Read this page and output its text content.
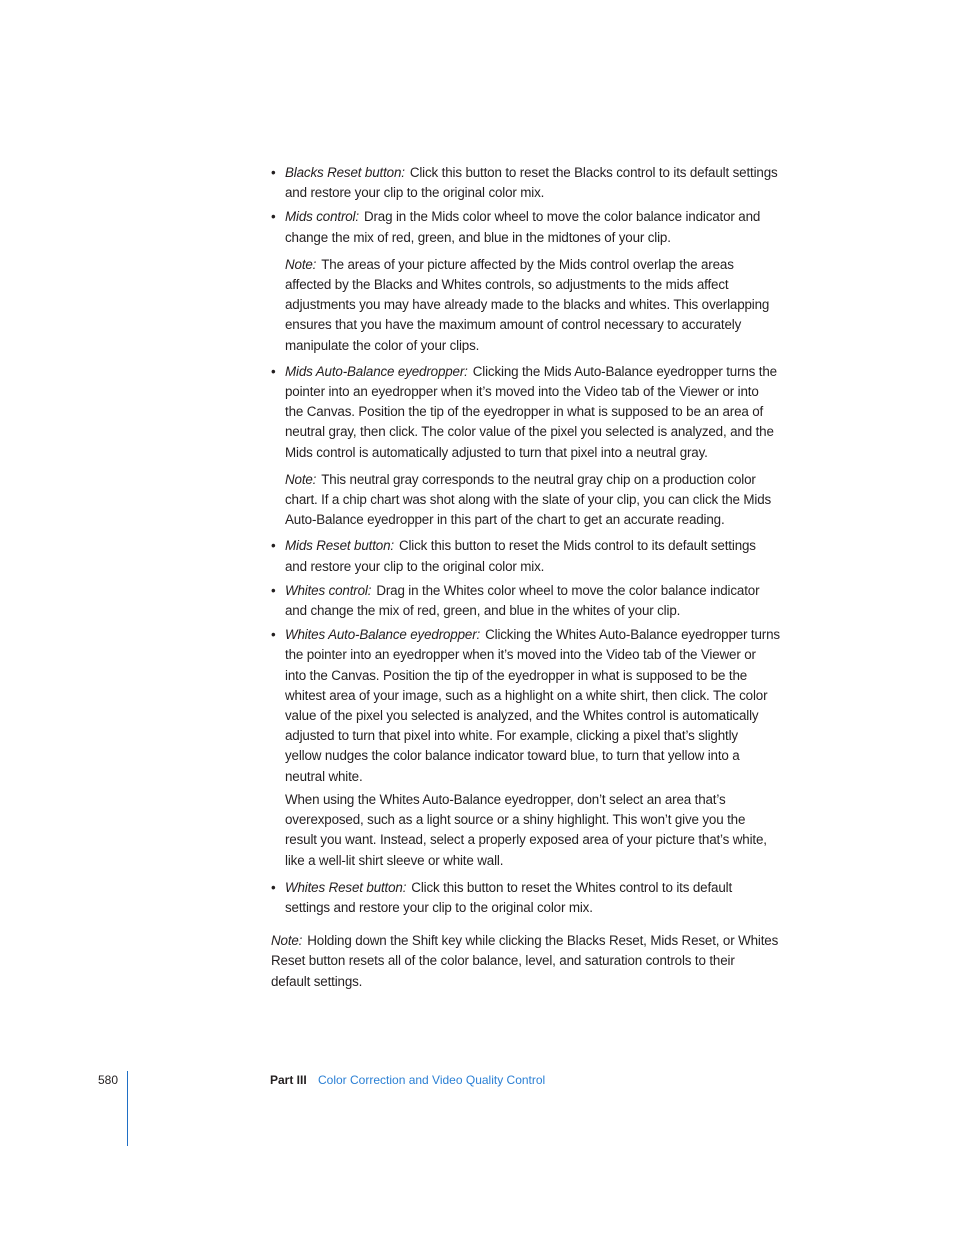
• Blacks Reset button: Click this button to reset the Blacks control to its default settings
and restore your clip to the original color mix.
• Mids control: Drag in the Mids color wheel to move the color balance indicator and
change the mix of red, green, and blue in the midtones of your clip.
Note: The areas of your picture affected by the Mids control overlap the areas
affected by the Blacks and Whites controls, so adjustments to the mids affect
adjustments you may have already made to the blacks and whites. This overlapping
ensures that you have the maximum amount of control necessary to accurately
manipulate the color of your clips.
• Mids Auto-Balance eyedropper: Clicking the Mids Auto-Balance eyedropper turns the
pointer into an eyedropper when it’s moved into the Video tab of the Viewer or into
the Canvas. Position the tip of the eyedropper in what is supposed to be an area of
neutral gray, then click. The color value of the pixel you selected is analyzed, and the
Mids control is automatically adjusted to turn that pixel into a neutral gray.
Note: This neutral gray corresponds to the neutral gray chip on a production color
chart. If a chip chart was shot along with the slate of your clip, you can click the Mids
Auto-Balance eyedropper in this part of the chart to get an accurate reading.
• Mids Reset button: Click this button to reset the Mids control to its default settings
and restore your clip to the original color mix.
• Whites control: Drag in the Whites color wheel to move the color balance indicator
and change the mix of red, green, and blue in the whites of your clip.
• Whites Auto-Balance eyedropper: Clicking the Whites Auto-Balance eyedropper turns
the pointer into an eyedropper when it’s moved into the Video tab of the Viewer or
into the Canvas. Position the tip of the eyedropper in what is supposed to be the
whitest area of your image, such as a highlight on a white shirt, then click. The color
value of the pixel you selected is analyzed, and the Whites control is automatically
adjusted to turn that pixel into white. For example, clicking a pixel that’s slightly
yellow nudges the color balance indicator toward blue, to turn that yellow into a
neutral white.
When using the Whites Auto-Balance eyedropper, don’t select an area that’s
overexposed, such as a light source or a shiny highlight. This won’t give you the
result you want. Instead, select a properly exposed area of your picture that’s white,
like a well-lit shirt sleeve or white wall.
• Whites Reset button: Click this button to reset the Whites control to its default
settings and restore your clip to the original color mix.
Note: Holding down the Shift key while clicking the Blacks Reset, Mids Reset, or Whites
Reset button resets all of the color balance, level, and saturation controls to their
default settings.
580	Part III Color Correction and Video Quality Control
